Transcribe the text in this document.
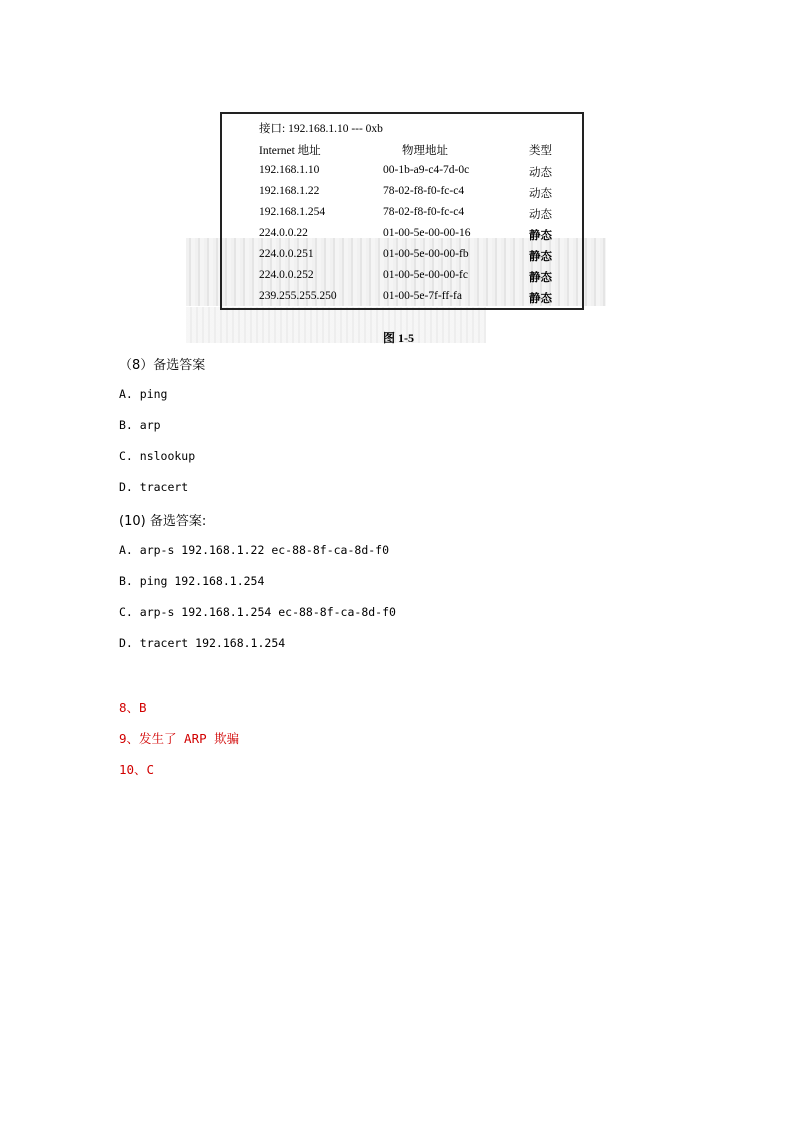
接口: 192.168.1.10 --- 0xb
Internet 地址	物理地址	类型
192.168.1.10	00-1b-a9-c4-7d-0c	动态
192.168.1.22	78-02-f8-f0-fc-c4	动态
192.168.1.254	78-02-f8-f0-fc-c4	动态
224.0.0.22	01-00-5e-00-00-16	静态
224.0.0.251	01-00-5e-00-00-fb	静态
224.0.0.252	01-00-5e-00-00-fc	静态
239.255.255.250	01-00-5e-7f-ff-fa	静态
图 1-5
（8）备选答案
A. ping
B. arp
C. nslookup
D. tracert
(10) 备选答案:
A. arp-s 192.168.1.22 ec-88-8f-ca-8d-f0
B. ping 192.168.1.254
C. arp-s 192.168.1.254 ec-88-8f-ca-8d-f0
D. tracert 192.168.1.254
8、B
9、发生了 ARP 欺骗
10、C
